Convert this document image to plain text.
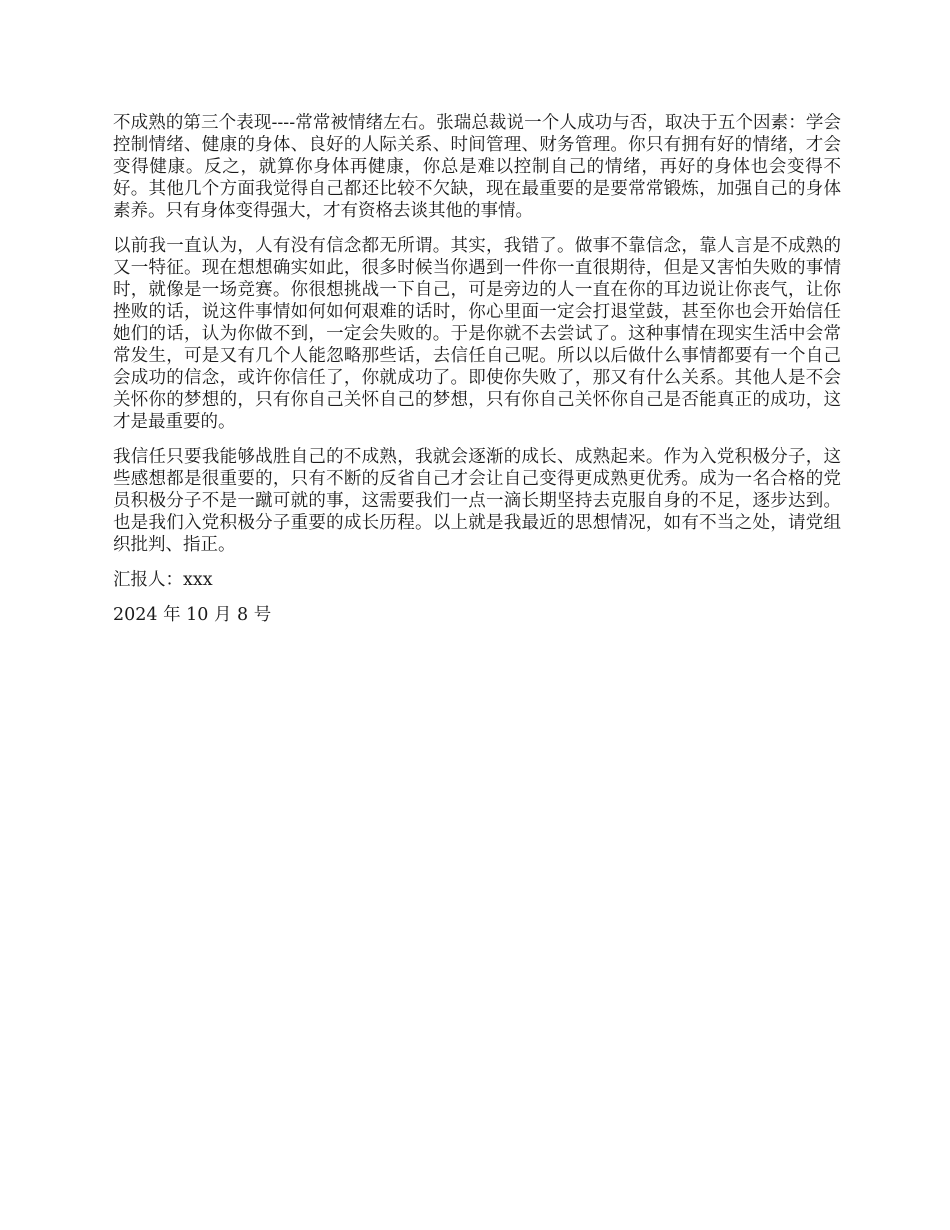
不成熟的第三个表现----常常被情绪左右。张瑞总裁说一个人成功与否，取决于五个因素：学会控制情绪、健康的身体、良好的人际关系、时间管理、财务管理。你只有拥有好的情绪，才会变得健康。反之，就算你身体再健康，你总是难以控制自己的情绪，再好的身体也会变得不好。其他几个方面我觉得自己都还比较不欠缺，现在最重要的是要常常锻炼，加强自己的身体素养。只有身体变得强大，才有资格去谈其他的事情。

以前我一直认为，人有没有信念都无所谓。其实，我错了。做事不靠信念，靠人言是不成熟的又一特征。现在想想确实如此，很多时候当你遇到一件你一直很期待，但是又害怕失败的事情时，就像是一场竞赛。你很想挑战一下自己，可是旁边的人一直在你的耳边说让你丧气，让你挫败的话，说这件事情如何如何艰难的话时，你心里面一定会打退堂鼓，甚至你也会开始信任她们的话，认为你做不到，一定会失败的。于是你就不去尝试了。这种事情在现实生活中会常常发生，可是又有几个人能忽略那些话，去信任自己呢。所以以后做什么事情都要有一个自己会成功的信念，或许你信任了，你就成功了。即使你失败了，那又有什么关系。其他人是不会关怀你的梦想的，只有你自己关怀自己的梦想，只有你自己关怀你自己是否能真正的成功，这才是最重要的。

我信任只要我能够战胜自己的不成熟，我就会逐渐的成长、成熟起来。作为入党积极分子，这些感想都是很重要的，只有不断的反省自己才会让自己变得更成熟更优秀。成为一名合格的党员积极分子不是一蹴可就的事，这需要我们一点一滴长期坚持去克服自身的不足，逐步达到。也是我们入党积极分子重要的成长历程。以上就是我最近的思想情况，如有不当之处，请党组织批判、指正。

汇报人：xxx

2024 年 10 月 8 号
